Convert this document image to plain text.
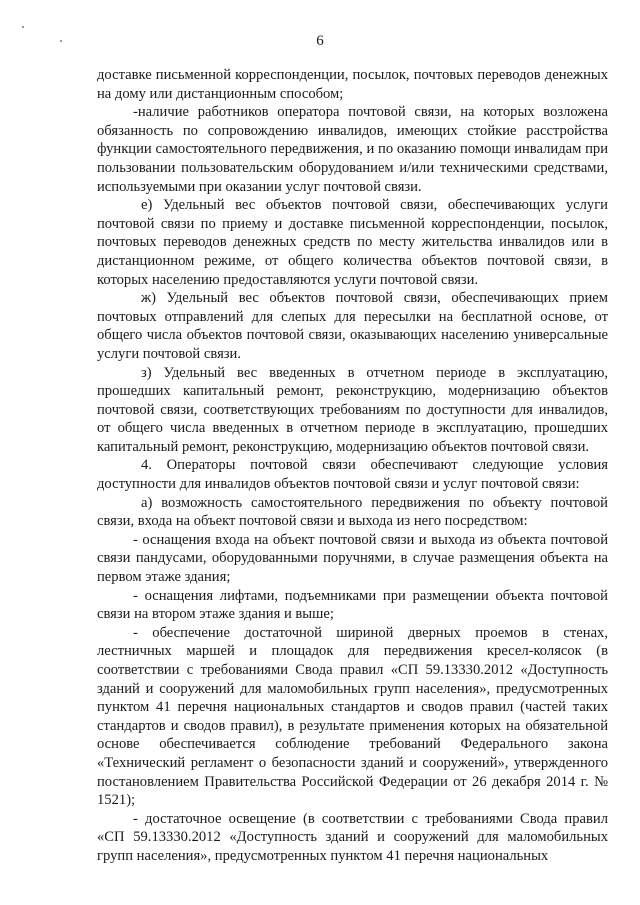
6

доставке письменной корреспонденции, посылок, почтовых переводов денежных на дому или дистанционным способом;

-наличие работников оператора почтовой связи, на которых возложена обязанность по сопровождению инвалидов, имеющих стойкие расстройства функции самостоятельного передвижения, и по оказанию помощи инвалидам при пользовании пользовательским оборудованием и/или техническими средствами, используемыми при оказании услуг почтовой связи.

е) Удельный вес объектов почтовой связи, обеспечивающих услуги почтовой связи по приему и доставке письменной корреспонденции, посылок, почтовых переводов денежных средств по месту жительства инвалидов или в дистанционном режиме, от общего количества объектов почтовой связи, в которых населению предоставляются услуги почтовой связи.

ж) Удельный вес объектов почтовой связи, обеспечивающих прием почтовых отправлений для слепых для пересылки на бесплатной основе, от общего числа объектов почтовой связи, оказывающих населению универсальные услуги почтовой связи.

з) Удельный вес введенных в отчетном периоде в эксплуатацию, прошедших капитальный ремонт, реконструкцию, модернизацию объектов почтовой связи, соответствующих требованиям по доступности для инвалидов, от общего числа введенных в отчетном периоде в эксплуатацию, прошедших капитальный ремонт, реконструкцию, модернизацию объектов почтовой связи.

4. Операторы почтовой связи обеспечивают следующие условия доступности для инвалидов объектов почтовой связи и услуг почтовой связи:

а) возможность самостоятельного передвижения по объекту почтовой связи, входа на объект почтовой связи и выхода из него посредством:

- оснащения входа на объект почтовой связи и выхода из объекта почтовой связи пандусами, оборудованными поручнями, в случае размещения объекта на первом этаже здания;

- оснащения лифтами, подъемниками при размещении объекта почтовой связи на втором этаже здания и выше;

- обеспечение достаточной шириной дверных проемов в стенах, лестничных маршей и площадок для передвижения кресел-колясок (в соответствии с требованиями Свода правил «СП 59.13330.2012 «Доступность зданий и сооружений для маломобильных групп населения», предусмотренных пунктом 41 перечня национальных стандартов и сводов правил (частей таких стандартов и сводов правил), в результате применения которых на обязательной основе обеспечивается соблюдение требований Федерального закона «Технический регламент о безопасности зданий и сооружений», утвержденного постановлением Правительства Российской Федерации от 26 декабря 2014 г. № 1521);

- достаточное освещение (в соответствии с требованиями Свода правил «СП 59.13330.2012 «Доступность зданий и сооружений для маломобильных групп населения», предусмотренных пунктом 41 перечня национальных
